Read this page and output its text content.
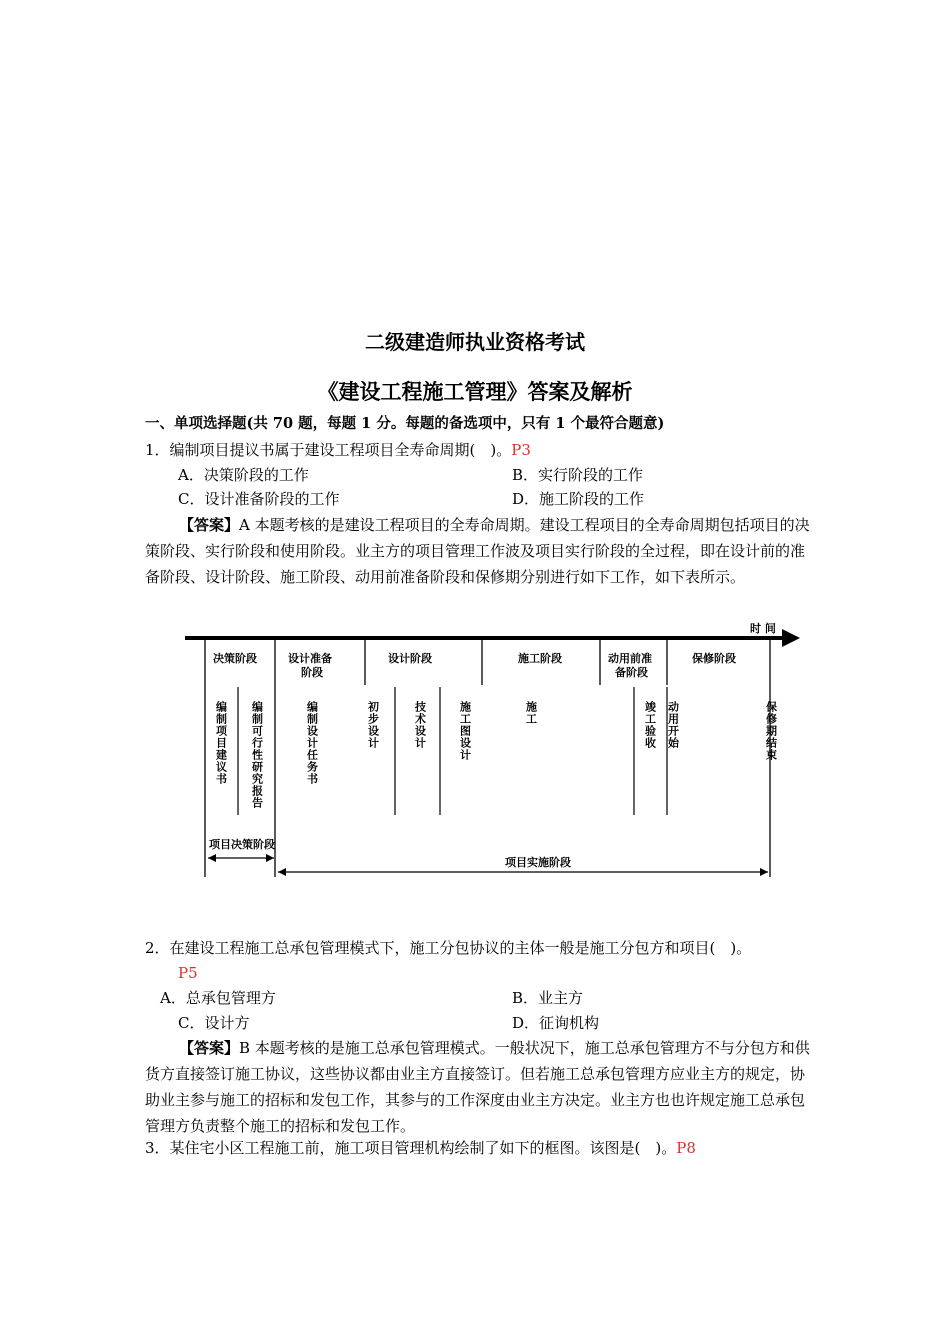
二级建造师执业资格考试
《建设工程施工管理》答案及解析
一、单项选择题(共 70 题，每题 1 分。每题的备选项中，只有 1 个最符合题意)
1．编制项目提议书属于建设工程项目全寿命周期(　)。P3
A．决策阶段的工作	B．实行阶段的工作
C．设计准备阶段的工作	D．施工阶段的工作
【答案】A 本题考核的是建设工程项目的全寿命周期。建设工程项目的全寿命周期包括项目的决策阶段、实行阶段和使用阶段。业主方的项目管理工作波及项目实行阶段的全过程，即在设计前的准备阶段、设计阶段、施工阶段、动用前准备阶段和保修期分别进行如下工作，如下表所示。
时 间
决策阶段	设计准备
阶段
设计阶段	施工阶段	动用前准
备阶段
保修阶段
编制项目建议书 编制可行性研究报告	编制设计任务书	初步设计	技术设计	施工图设计	施工	竣工验收 动用开始	保修期结束
项目决策阶段
项目实施阶段
2．在建设工程施工总承包管理模式下，施工分包协议的主体一般是施工分包方和项目(　)。
P5
A．总承包管理方	B．业主方
C．设计方	D．征询机构
【答案】B 本题考核的是施工总承包管理模式。一般状况下，施工总承包管理方不与分包方和供货方直接签订施工协议，这些协议都由业主方直接签订。但若施工总承包管理方应业主方的规定，协助业主参与施工的招标和发包工作，其参与的工作深度由业主方决定。业主方也也许规定施工总承包管理方负责整个施工的招标和发包工作。
3．某住宅小区工程施工前，施工项目管理机构绘制了如下的框图。该图是(　)。P8
